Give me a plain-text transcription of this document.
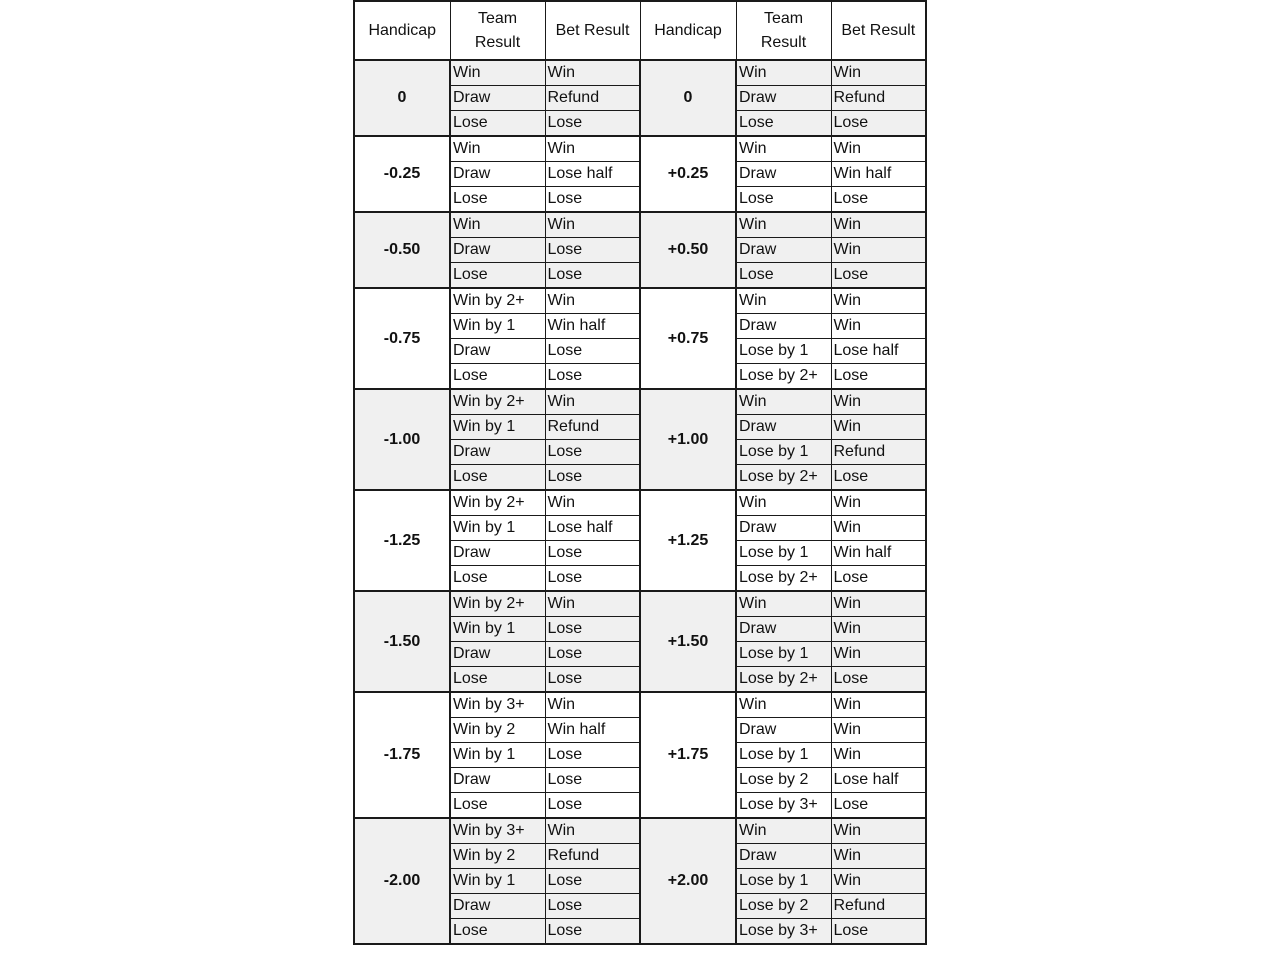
Handicap	Team Result	Bet Result	Handicap	Team Result	Bet Result
0	Win	Win	0	Win	Win
	Draw	Refund		Draw	Refund
	Lose	Lose		Lose	Lose
-0.25	Win	Win	+0.25	Win	Win
	Draw	Lose half		Draw	Win half
	Lose	Lose		Lose	Lose
-0.50	Win	Win	+0.50	Win	Win
	Draw	Lose		Draw	Win
	Lose	Lose		Lose	Lose
-0.75	Win by 2+	Win	+0.75	Win	Win
	Win by 1	Win half		Draw	Win
	Draw	Lose		Lose by 1	Lose half
	Lose	Lose		Lose by 2+	Lose
-1.00	Win by 2+	Win	+1.00	Win	Win
	Win by 1	Refund		Draw	Win
	Draw	Lose		Lose by 1	Refund
	Lose	Lose		Lose by 2+	Lose
-1.25	Win by 2+	Win	+1.25	Win	Win
	Win by 1	Lose half		Draw	Win
	Draw	Lose		Lose by 1	Win half
	Lose	Lose		Lose by 2+	Lose
-1.50	Win by 2+	Win	+1.50	Win	Win
	Win by 1	Lose		Draw	Win
	Draw	Lose		Lose by 1	Win
	Lose	Lose		Lose by 2+	Lose
-1.75	Win by 3+	Win	+1.75	Win	Win
	Win by 2	Win half		Draw	Win
	Win by 1	Lose		Lose by 1	Win
	Draw	Lose		Lose by 2	Lose half
	Lose	Lose		Lose by 3+	Lose
-2.00	Win by 3+	Win	+2.00	Win	Win
	Win by 2	Refund		Draw	Win
	Win by 1	Lose		Lose by 1	Win
	Draw	Lose		Lose by 2	Refund
	Lose	Lose		Lose by 3+	Lose
